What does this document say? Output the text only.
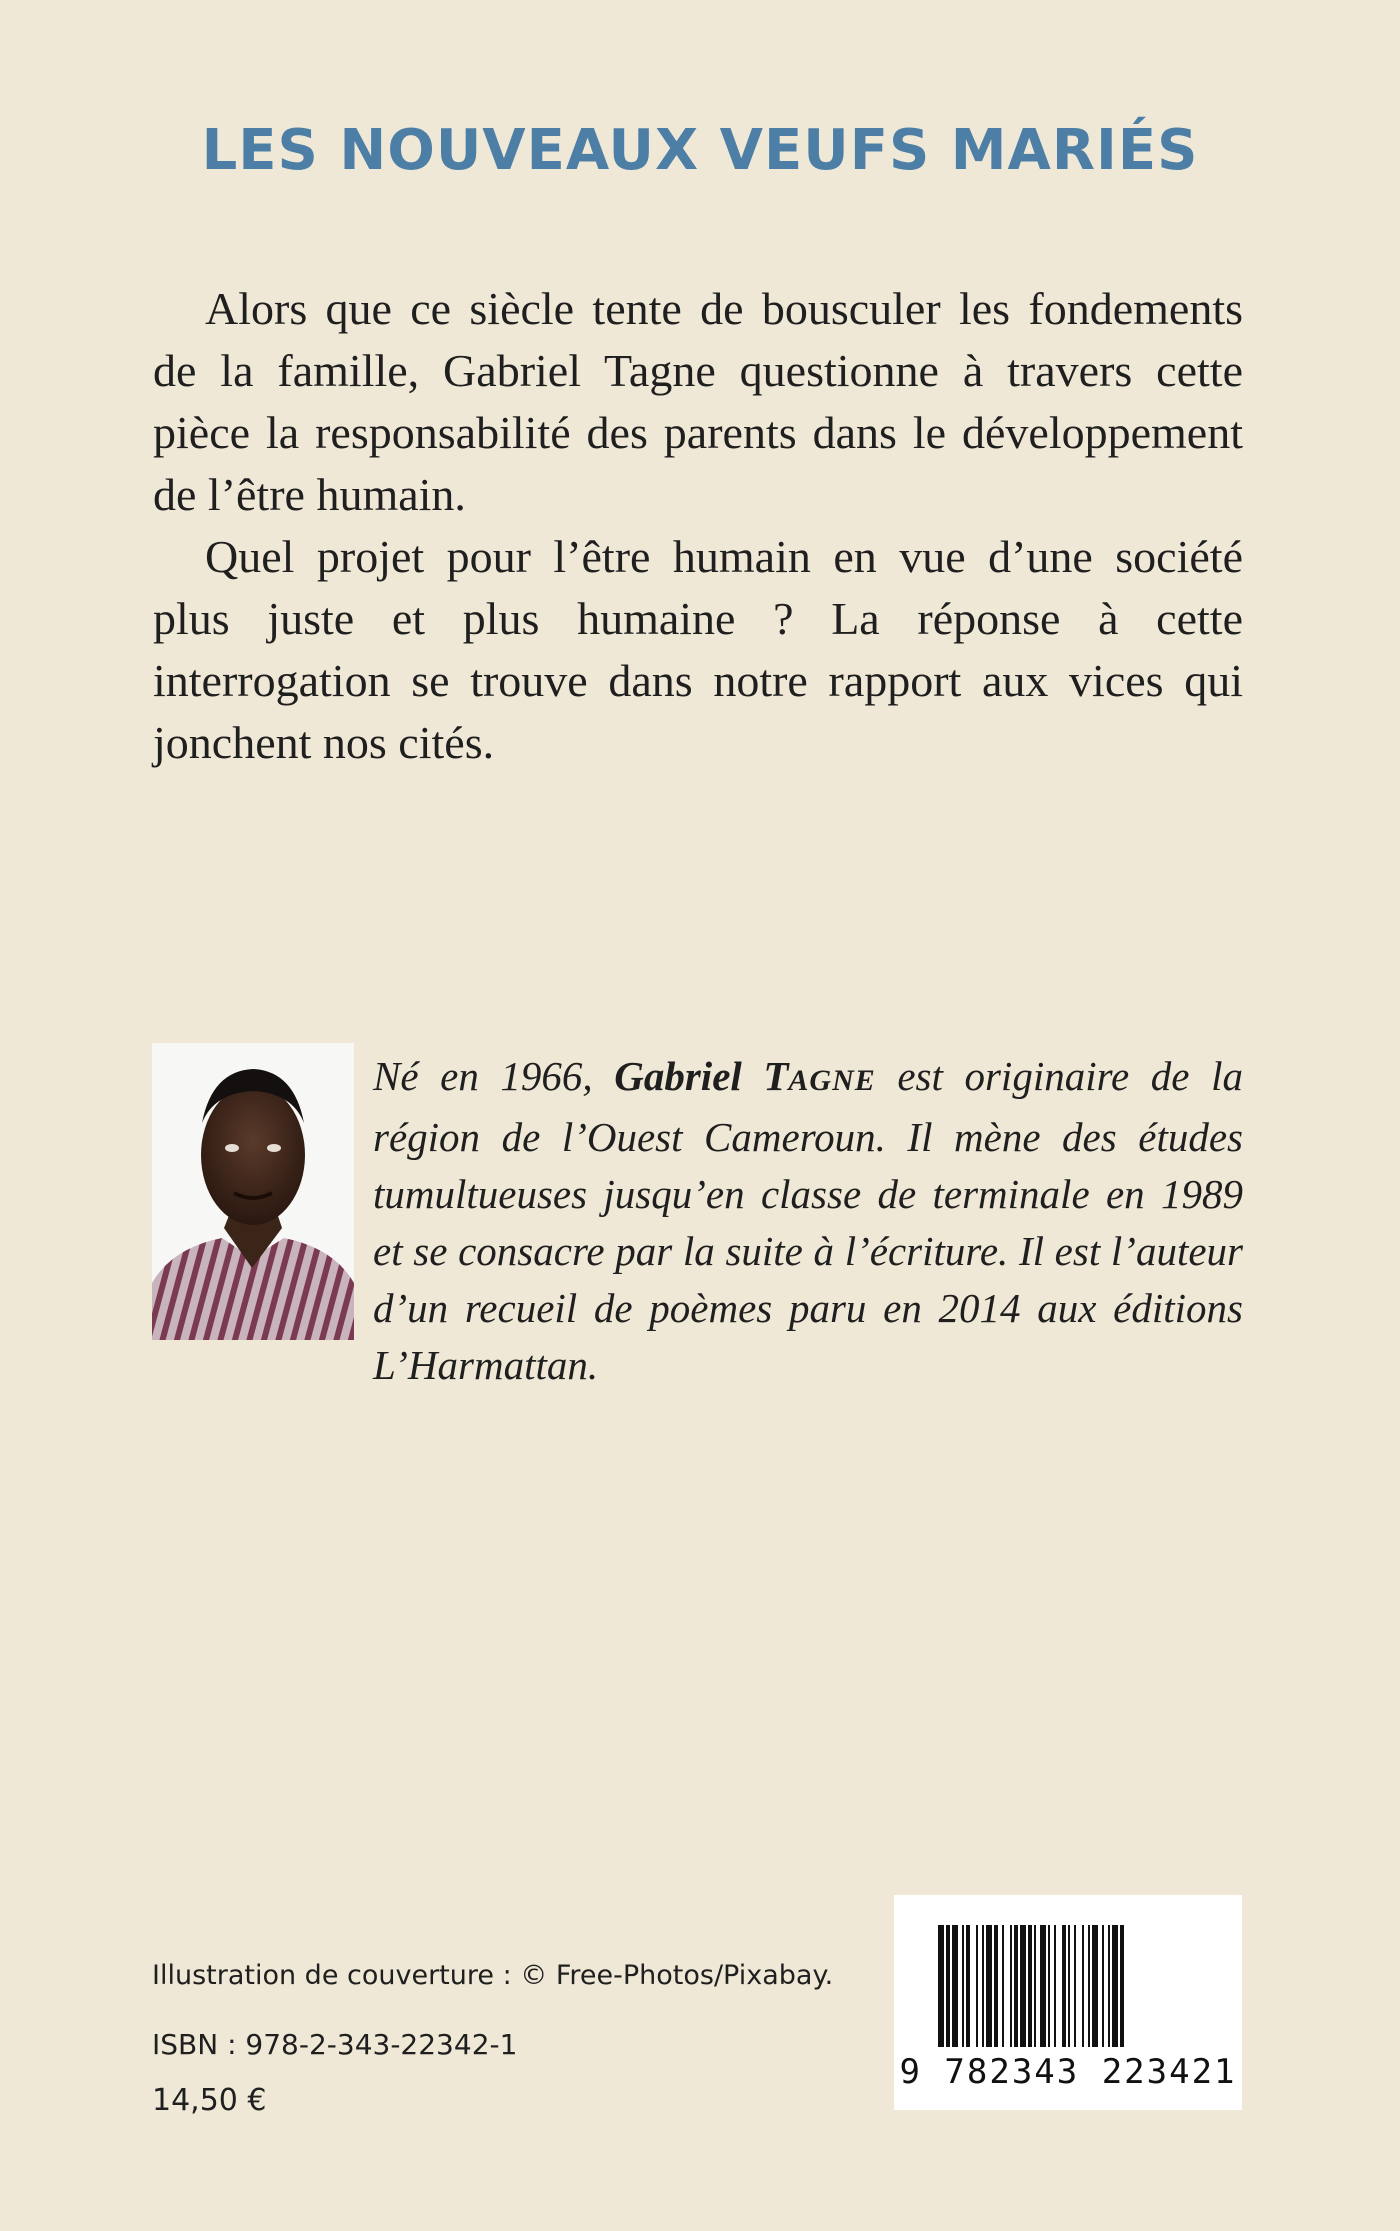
LES NOUVEAUX VEUFS MARIÉS

Alors que ce siècle tente de bousculer les fondements de la famille, Gabriel Tagne questionne à travers cette pièce la responsabilité des parents dans le développement de l’être humain.

Quel projet pour l’être humain en vue d’une société plus juste et plus humaine ? La réponse à cette interrogation se trouve dans notre rapport aux vices qui jonchent nos cités.

Né en 1966, Gabriel TAGNE est originaire de la région de l’Ouest Cameroun. Il mène des études tumultueuses jusqu’en classe de terminale en 1989 et se consacre par la suite à l’écriture. Il est l’auteur d’un recueil de poèmes paru en 2014 aux éditions L’Harmattan.
Illustration de couverture : © Free-Photos/Pixabay.
ISBN : 978-2-343-22342-1
14,50 €
9 782343 223421
